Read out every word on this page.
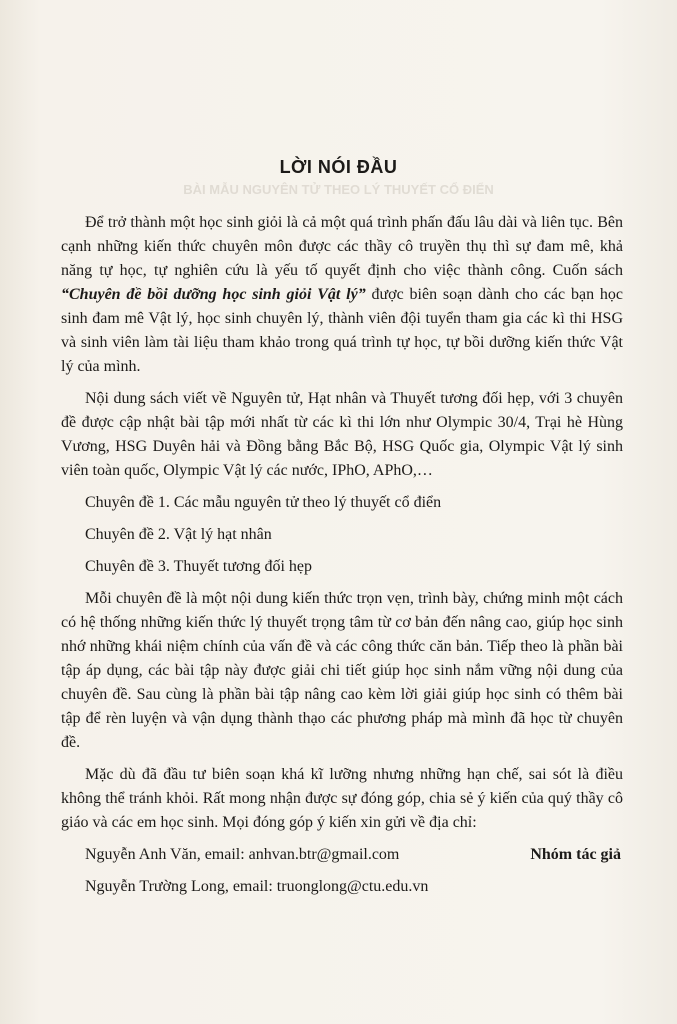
LỜI NÓI ĐẦU
BÀI MẪU NGUYÊN TỬ THEO LÝ THUYẾT CỔ ĐIỂN

Để trở thành một học sinh giỏi là cả một quá trình phấn đấu lâu dài và liên tục. Bên cạnh những kiến thức chuyên môn được các thầy cô truyền thụ thì sự đam mê, khả năng tự học, tự nghiên cứu là yếu tố quyết định cho việc thành công. Cuốn sách “Chuyên đề bồi dưỡng học sinh giỏi Vật lý” được biên soạn dành cho các bạn học sinh đam mê Vật lý, học sinh chuyên lý, thành viên đội tuyển tham gia các kì thi HSG và sinh viên làm tài liệu tham khảo trong quá trình tự học, tự bồi dưỡng kiến thức Vật lý của mình.

Nội dung sách viết về Nguyên tử, Hạt nhân và Thuyết tương đối hẹp, với 3 chuyên đề được cập nhật bài tập mới nhất từ các kì thi lớn như Olympic 30/4, Trại hè Hùng Vương, HSG Duyên hải và Đồng bằng Bắc Bộ, HSG Quốc gia, Olympic Vật lý sinh viên toàn quốc, Olympic Vật lý các nước, IPhO, APhO,…

Chuyên đề 1. Các mẫu nguyên tử theo lý thuyết cổ điển

Chuyên đề 2. Vật lý hạt nhân

Chuyên đề 3. Thuyết tương đối hẹp

Mỗi chuyên đề là một nội dung kiến thức trọn vẹn, trình bày, chứng minh một cách có hệ thống những kiến thức lý thuyết trọng tâm từ cơ bản đến nâng cao, giúp học sinh nhớ những khái niệm chính của vấn đề và các công thức căn bản. Tiếp theo là phần bài tập áp dụng, các bài tập này được giải chi tiết giúp học sinh nắm vững nội dung của chuyên đề. Sau cùng là phần bài tập nâng cao kèm lời giải giúp học sinh có thêm bài tập để rèn luyện và vận dụng thành thạo các phương pháp mà mình đã học từ chuyên đề.

Mặc dù đã đầu tư biên soạn khá kĩ lưỡng nhưng những hạn chế, sai sót là điều không thể tránh khỏi. Rất mong nhận được sự đóng góp, chia sẻ ý kiến của quý thầy cô giáo và các em học sinh. Mọi đóng góp ý kiến xin gửi về địa chỉ:

Nguyễn Anh Văn, email: anhvan.btr@gmail.com

Nguyễn Trường Long, email: truonglong@ctu.edu.vn

Nhóm tác giả
